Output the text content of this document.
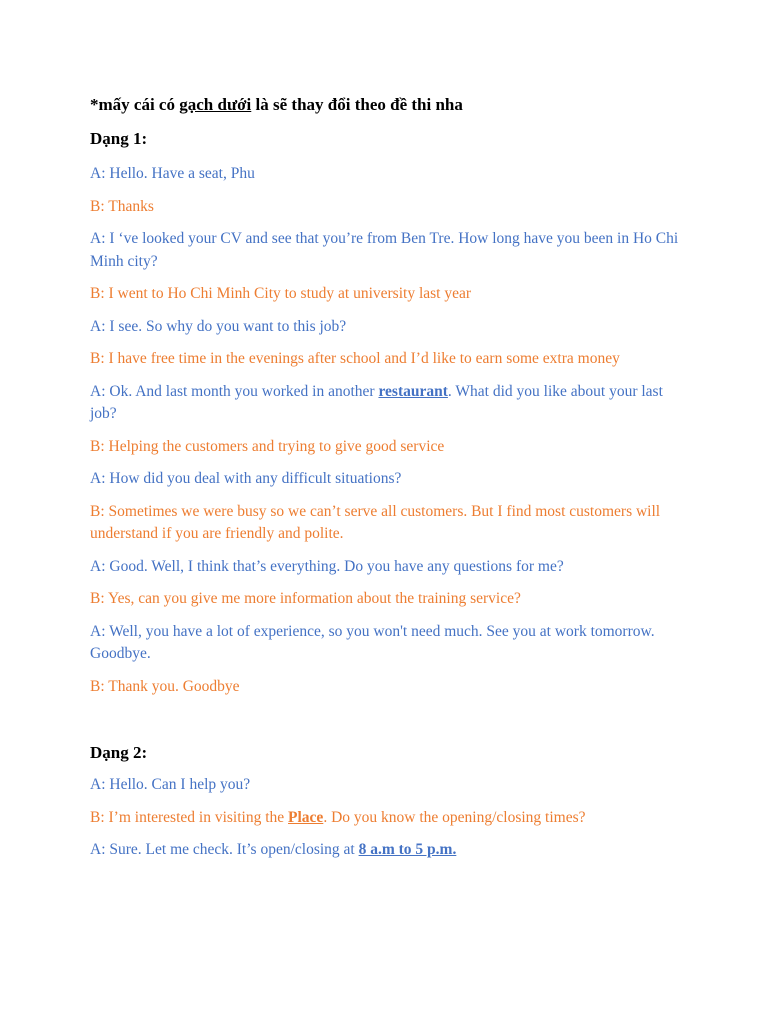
*mấy cái có gạch dưới là sẽ thay đổi theo đề thi nha

Dạng 1:

A: Hello. Have a seat, Phu

B: Thanks

A: I ‘ve looked your CV and see that you’re from Ben Tre. How long have you been in Ho Chi Minh city?

B: I went to Ho Chi Minh City to study at university last year

A: I see. So why do you want to this job?

B: I have free time in the evenings after school and I’d like to earn some extra money

A: Ok. And last month you worked in another restaurant. What did you like about your last job?

B: Helping the customers and trying to give good service

A: How did you deal with any difficult situations?

B: Sometimes we were busy so we can’t serve all customers. But I find most customers will understand if you are friendly and polite.

A: Good. Well, I think that’s everything. Do you have any questions for me?

B: Yes, can you give me more information about the training service?

A: Well, you have a lot of experience, so you won't need much. See you at work tomorrow. Goodbye.

B: Thank you. Goodbye

Dạng 2:

A: Hello. Can I help you?

B: I’m interested in visiting the Place. Do you know the opening/closing times?

A: Sure. Let me check. It’s open/closing at 8 a.m to 5 p.m.
